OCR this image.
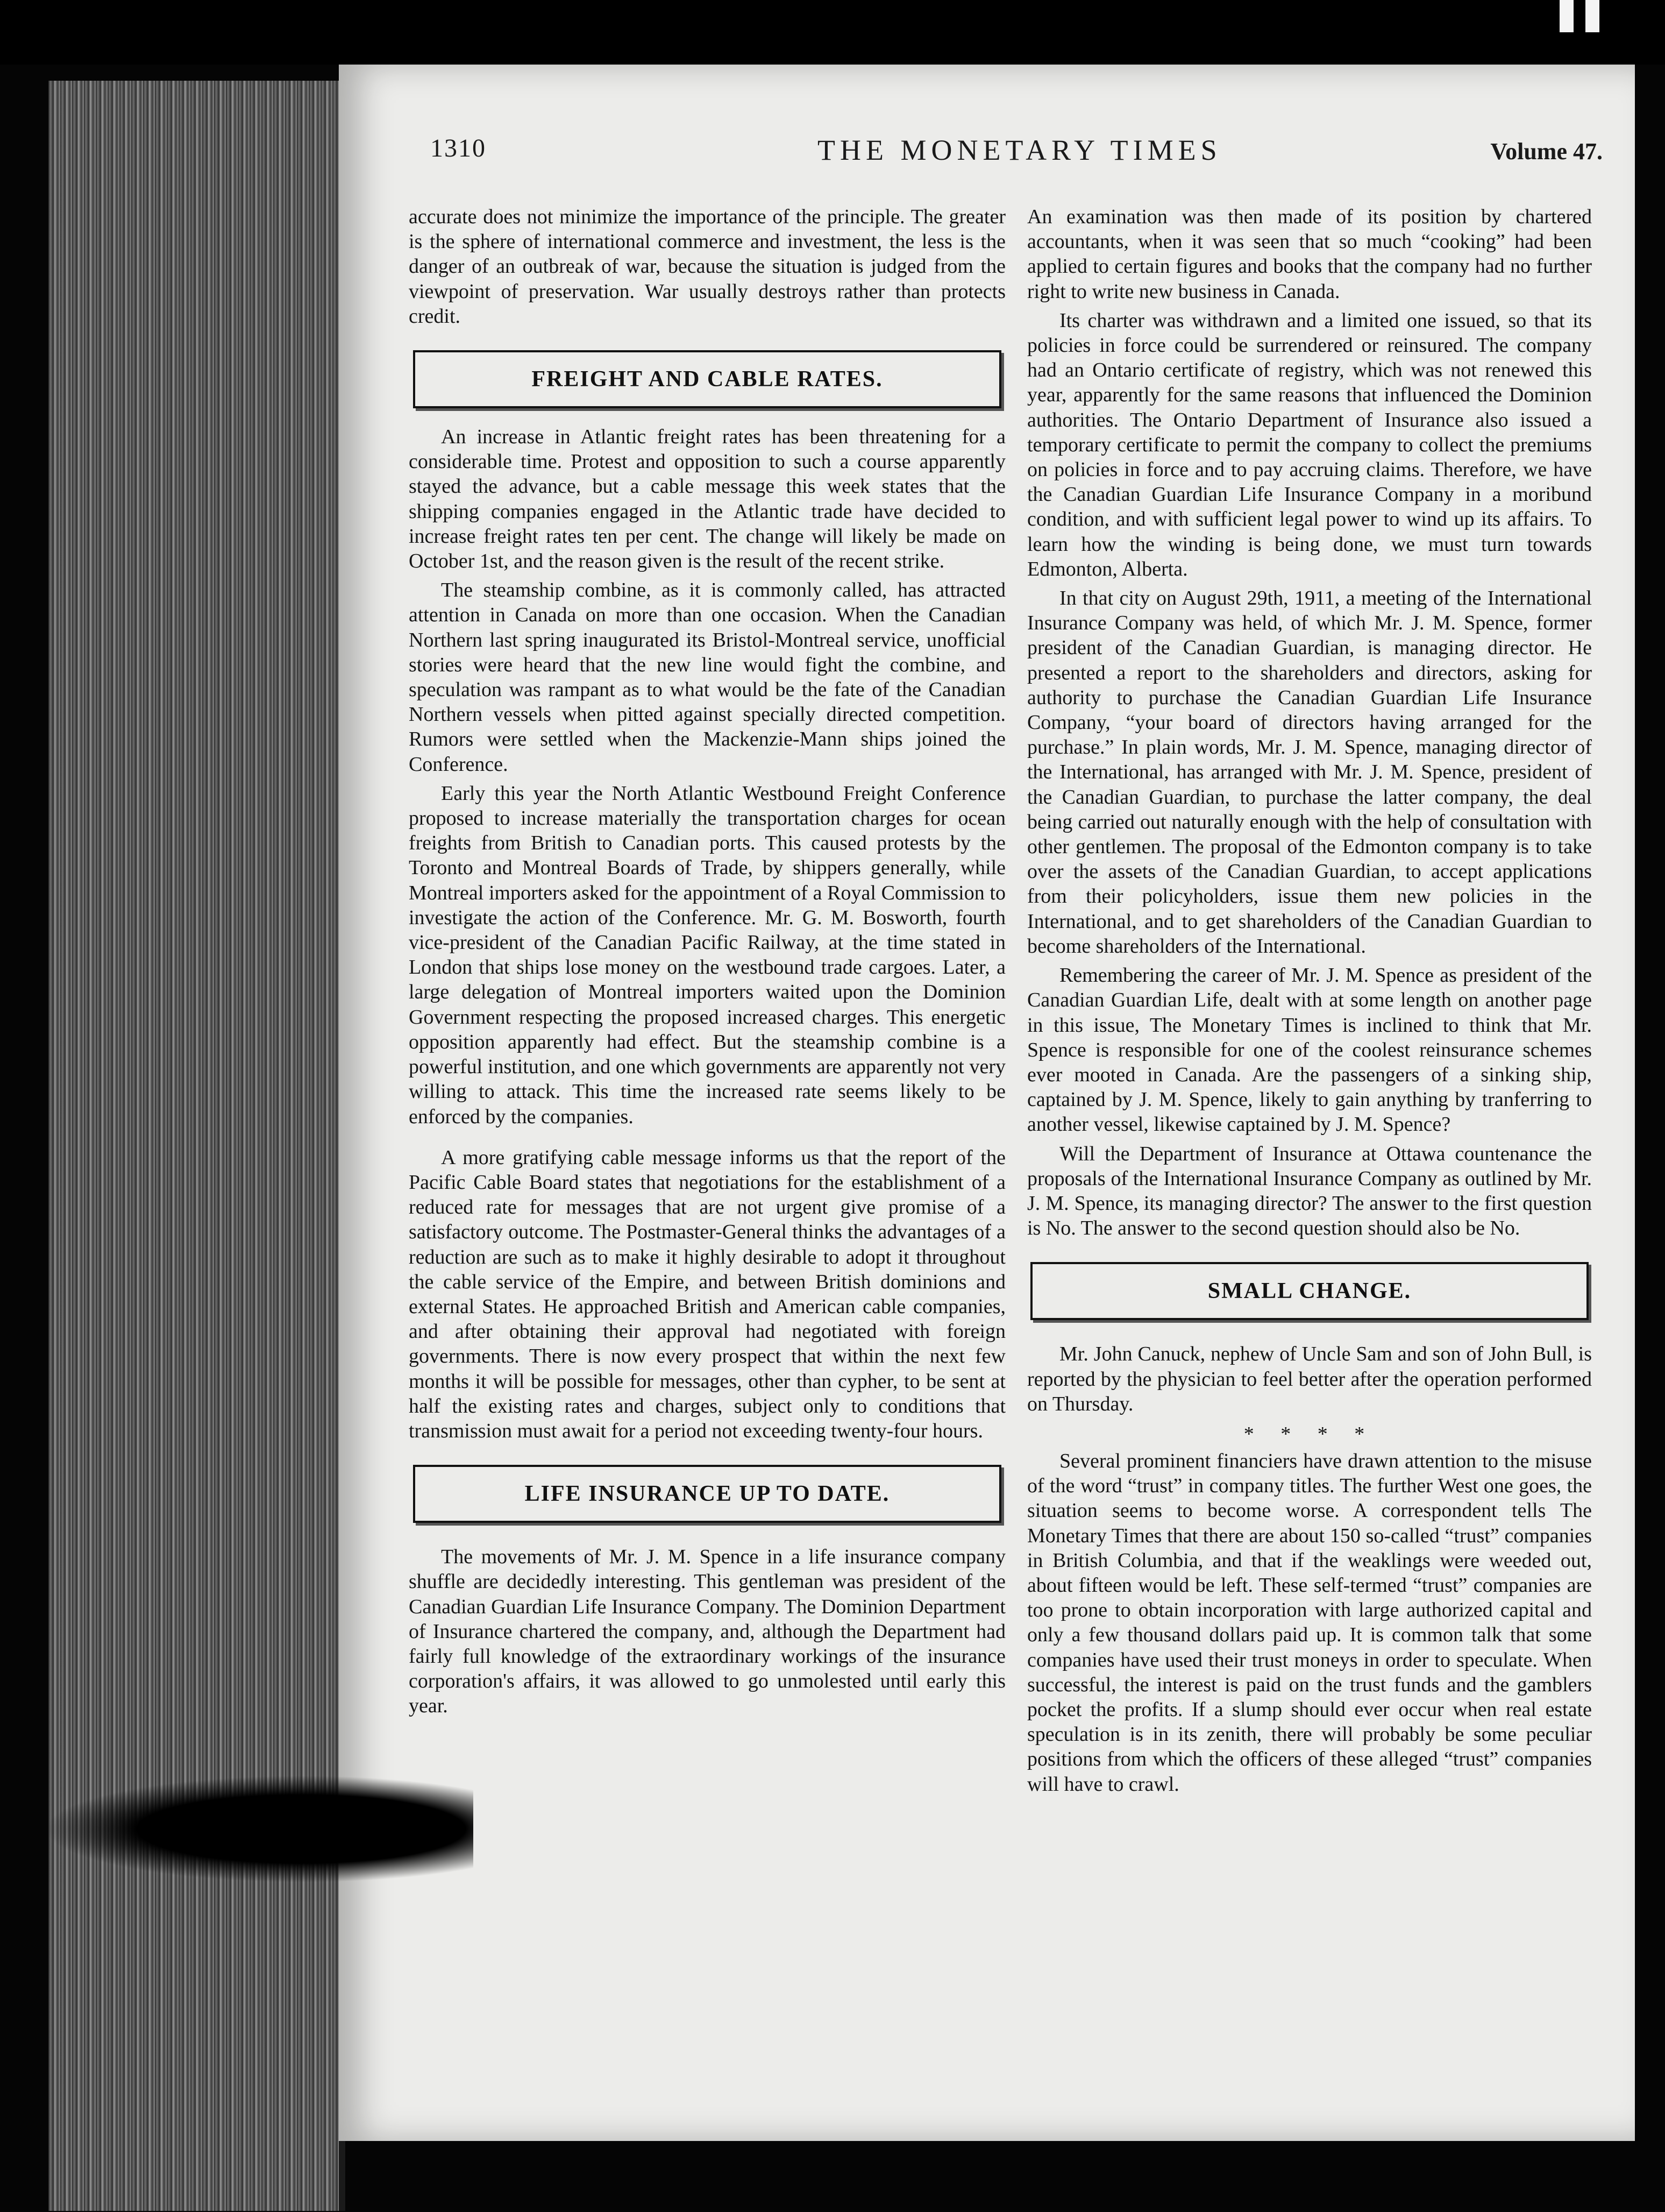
1310	THE MONETARY TIMES	Volume 47.

accurate does not minimize the importance of the principle. The greater is the sphere of international commerce and investment, the less is the danger of an outbreak of war, because the situation is judged from the viewpoint of preservation. War usually destroys rather than protects credit.

FREIGHT AND CABLE RATES.

An increase in Atlantic freight rates has been threatening for a considerable time. Protest and opposition to such a course apparently stayed the advance, but a cable message this week states that the shipping companies engaged in the Atlantic trade have decided to increase freight rates ten per cent. The change will likely be made on October 1st, and the reason given is the result of the recent strike.

The steamship combine, as it is commonly called, has attracted attention in Canada on more than one occasion. When the Canadian Northern last spring inaugurated its Bristol-Montreal service, unofficial stories were heard that the new line would fight the combine, and speculation was rampant as to what would be the fate of the Canadian Northern vessels when pitted against specially directed competition. Rumors were settled when the Mackenzie-Mann ships joined the Conference.

Early this year the North Atlantic Westbound Freight Conference proposed to increase materially the transportation charges for ocean freights from British to Canadian ports. This caused protests by the Toronto and Montreal Boards of Trade, by shippers generally, while Montreal importers asked for the appointment of a Royal Commission to investigate the action of the Conference. Mr. G. M. Bosworth, fourth vice-president of the Canadian Pacific Railway, at the time stated in London that ships lose money on the westbound trade cargoes. Later, a large delegation of Montreal importers waited upon the Dominion Government respecting the proposed increased charges. This energetic opposition apparently had effect. But the steamship combine is a powerful institution, and one which governments are apparently not very willing to attack. This time the increased rate seems likely to be enforced by the companies.

A more gratifying cable message informs us that the report of the Pacific Cable Board states that negotiations for the establishment of a reduced rate for messages that are not urgent give promise of a satisfactory outcome. The Postmaster-General thinks the advantages of a reduction are such as to make it highly desirable to adopt it throughout the cable service of the Empire, and between British dominions and external States. He approached British and American cable companies, and after obtaining their approval had negotiated with foreign governments. There is now every prospect that within the next few months it will be possible for messages, other than cypher, to be sent at half the existing rates and charges, subject only to conditions that transmission must await for a period not exceeding twenty-four hours.

LIFE INSURANCE UP TO DATE.

The movements of Mr. J. M. Spence in a life insurance company shuffle are decidedly interesting. This gentleman was president of the Canadian Guardian Life Insurance Company. The Dominion Department of Insurance chartered the company, and, although the Department had fairly full knowledge of the extraordinary workings of the insurance corporation's affairs, it was allowed to go unmolested until early this year.

An examination was then made of its position by chartered accountants, when it was seen that so much “cooking” had been applied to certain figures and books that the company had no further right to write new business in Canada.

Its charter was withdrawn and a limited one issued, so that its policies in force could be surrendered or reinsured. The company had an Ontario certificate of registry, which was not renewed this year, apparently for the same reasons that influenced the Dominion authorities. The Ontario Department of Insurance also issued a temporary certificate to permit the company to collect the premiums on policies in force and to pay accruing claims. Therefore, we have the Canadian Guardian Life Insurance Company in a moribund condition, and with sufficient legal power to wind up its affairs. To learn how the winding is being done, we must turn towards Edmonton, Alberta.

In that city on August 29th, 1911, a meeting of the International Insurance Company was held, of which Mr. J. M. Spence, former president of the Canadian Guardian, is managing director. He presented a report to the shareholders and directors, asking for authority to purchase the Canadian Guardian Life Insurance Company, “your board of directors having arranged for the purchase.” In plain words, Mr. J. M. Spence, managing director of the International, has arranged with Mr. J. M. Spence, president of the Canadian Guardian, to purchase the latter company, the deal being carried out naturally enough with the help of consultation with other gentlemen. The proposal of the Edmonton company is to take over the assets of the Canadian Guardian, to accept applications from their policyholders, issue them new policies in the International, and to get shareholders of the Canadian Guardian to become shareholders of the International.

Remembering the career of Mr. J. M. Spence as president of the Canadian Guardian Life, dealt with at some length on another page in this issue, The Monetary Times is inclined to think that Mr. Spence is responsible for one of the coolest reinsurance schemes ever mooted in Canada. Are the passengers of a sinking ship, captained by J. M. Spence, likely to gain anything by tranferring to another vessel, likewise captained by J. M. Spence?

Will the Department of Insurance at Ottawa countenance the proposals of the International Insurance Company as outlined by Mr. J. M. Spence, its managing director? The answer to the first question is No. The answer to the second question should also be No.

SMALL CHANGE.

Mr. John Canuck, nephew of Uncle Sam and son of John Bull, is reported by the physician to feel better after the operation performed on Thursday.

* * * *

Several prominent financiers have drawn attention to the misuse of the word “trust” in company titles. The further West one goes, the situation seems to become worse. A correspondent tells The Monetary Times that there are about 150 so-called “trust” companies in British Columbia, and that if the weaklings were weeded out, about fifteen would be left. These self-termed “trust” companies are too prone to obtain incorporation with large authorized capital and only a few thousand dollars paid up. It is common talk that some companies have used their trust moneys in order to speculate. When successful, the interest is paid on the trust funds and the gamblers pocket the profits. If a slump should ever occur when real estate speculation is in its zenith, there will probably be some peculiar positions from which the officers of these alleged “trust” companies will have to crawl.
